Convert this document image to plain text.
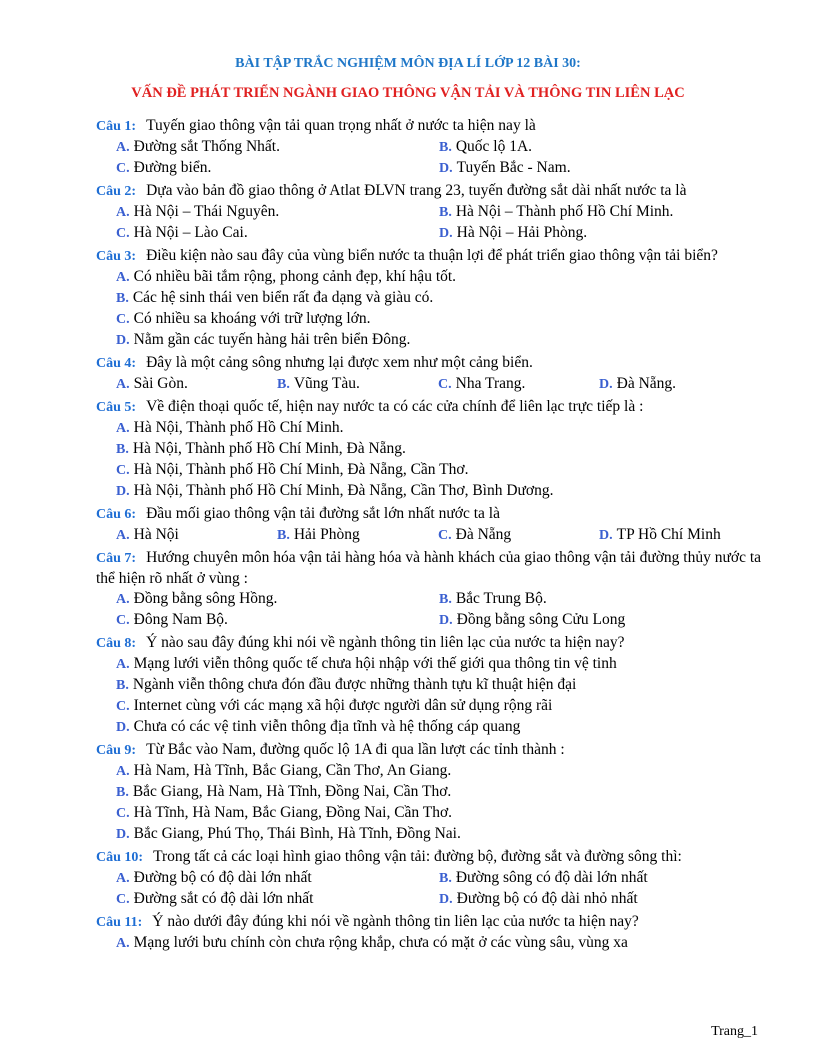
BÀI TẬP TRẮC NGHIỆM MÔN ĐỊA LÍ LỚP 12 BÀI 30:
VẤN ĐỀ PHÁT TRIỂN NGÀNH GIAO THÔNG VẬN TẢI VÀ THÔNG TIN LIÊN LẠC
Câu 1: Tuyến giao thông vận tải quan trọng nhất ở nước ta hiện nay là
A. Đường sắt Thống Nhất.	B. Quốc lộ 1A.
C. Đường biển.	D. Tuyến Bắc - Nam.
Câu 2: Dựa vào bản đồ giao thông ở Atlat ĐLVN trang 23, tuyến đường sắt dài nhất nước ta là
A. Hà Nội – Thái Nguyên.	B. Hà Nội – Thành phố Hồ Chí Minh.
C. Hà Nội – Lào Cai.	D. Hà Nội – Hải Phòng.
Câu 3: Điều kiện nào sau đây của vùng biển nước ta thuận lợi để phát triển giao thông vận tải biển?
A. Có nhiều bãi tắm rộng, phong cảnh đẹp, khí hậu tốt.
B. Các hệ sinh thái ven biển rất đa dạng và giàu có.
C. Có nhiều sa khoáng với trữ lượng lớn.
D. Nằm gần các tuyến hàng hải trên biển Đông.
Câu 4: Đây là một cảng sông nhưng lại được xem như một cảng biển.
A. Sài Gòn.	B. Vũng Tàu.	C. Nha Trang.	D. Đà Nẵng.
Câu 5: Về điện thoại quốc tế, hiện nay nước ta có các cửa chính để liên lạc trực tiếp là :
A. Hà Nội, Thành phố Hồ Chí Minh.
B. Hà Nội, Thành phố Hồ Chí Minh, Đà Nẵng.
C. Hà Nội, Thành phố Hồ Chí Minh, Đà Nẵng, Cần Thơ.
D. Hà Nội, Thành phố Hồ Chí Minh, Đà Nẵng, Cần Thơ, Bình Dương.
Câu 6: Đầu mối giao thông vận tải đường sắt lớn nhất nước ta là
A. Hà Nội	B. Hải Phòng	C. Đà Nẵng	D. TP Hồ Chí Minh
Câu 7: Hướng chuyên môn hóa vận tải hàng hóa và hành khách của giao thông vận tải đường thủy nước ta thể hiện rõ nhất ở vùng :
A. Đồng bằng sông Hồng.	B. Bắc Trung Bộ.
C. Đông Nam Bộ.	D. Đồng bằng sông Cửu Long
Câu 8: Ý nào sau đây đúng khi nói về ngành thông tin liên lạc của nước ta hiện nay?
A. Mạng lưới viễn thông quốc tế chưa hội nhập với thế giới qua thông tin vệ tinh
B. Ngành viễn thông chưa đón đầu được những thành tựu kĩ thuật hiện đại
C. Internet cùng với các mạng xã hội được người dân sử dụng rộng rãi
D. Chưa có các vệ tinh viễn thông địa tĩnh và hệ thống cáp quang
Câu 9: Từ Bắc vào Nam, đường quốc lộ 1A đi qua lần lượt các tỉnh thành :
A. Hà Nam, Hà Tĩnh, Bắc Giang, Cần Thơ, An Giang.
B. Bắc Giang, Hà Nam, Hà Tĩnh, Đồng Nai, Cần Thơ.
C. Hà Tĩnh, Hà Nam, Bắc Giang, Đồng Nai, Cần Thơ.
D. Bắc Giang, Phú Thọ, Thái Bình, Hà Tĩnh, Đồng Nai.
Câu 10: Trong tất cả các loại hình giao thông vận tải: đường bộ, đường sắt và đường sông thì:
A. Đường bộ có độ dài lớn nhất	B. Đường sông có độ dài lớn nhất
C. Đường sắt có độ dài lớn nhất	D. Đường bộ có độ dài nhỏ nhất
Câu 11: Ý nào dưới đây đúng khi nói về ngành thông tin liên lạc của nước ta hiện nay?
A. Mạng lưới bưu chính còn chưa rộng khắp, chưa có mặt ở các vùng sâu, vùng xa
Trang_1
